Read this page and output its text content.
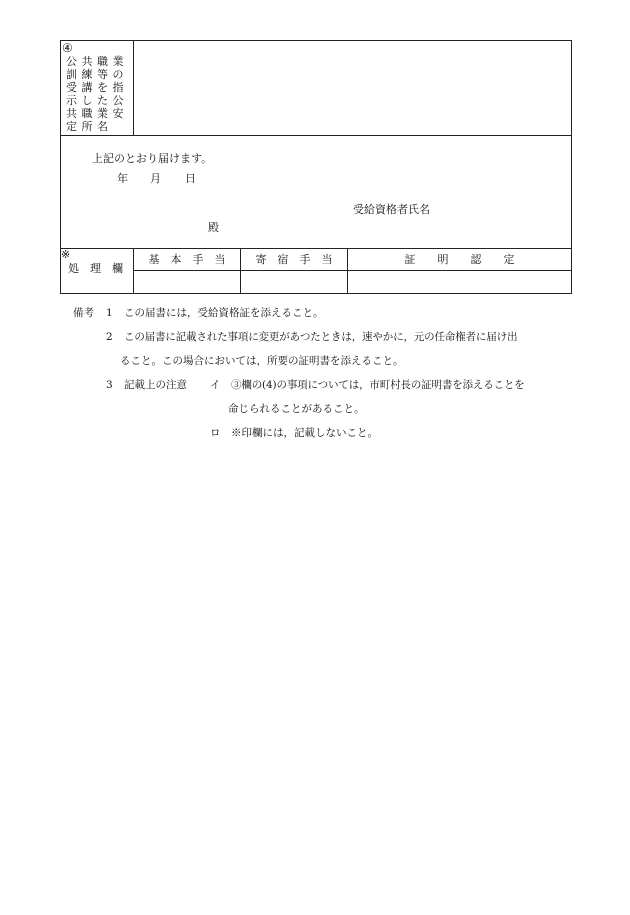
④
公共職業
訓練等の
受講を指
示した公
共職業安
定所名
上記のとおり届けます。
年 月 日
受給資格者氏名
殿
※
処　理　欄
基　本　手　当	寄　宿　手　当	証　　明　　認　　定
備考 1 この届書には，受給資格証を添えること。
2 この届書に記載された事項に変更があつたときは，速やかに，元の任命権者に届け出
ること。この場合においては，所要の証明書を添えること。
3 記載上の注意 イ ③欄の(4)の事項については，市町村長の証明書を添えることを
命じられることがあること。
ロ ※印欄には，記載しないこと。
